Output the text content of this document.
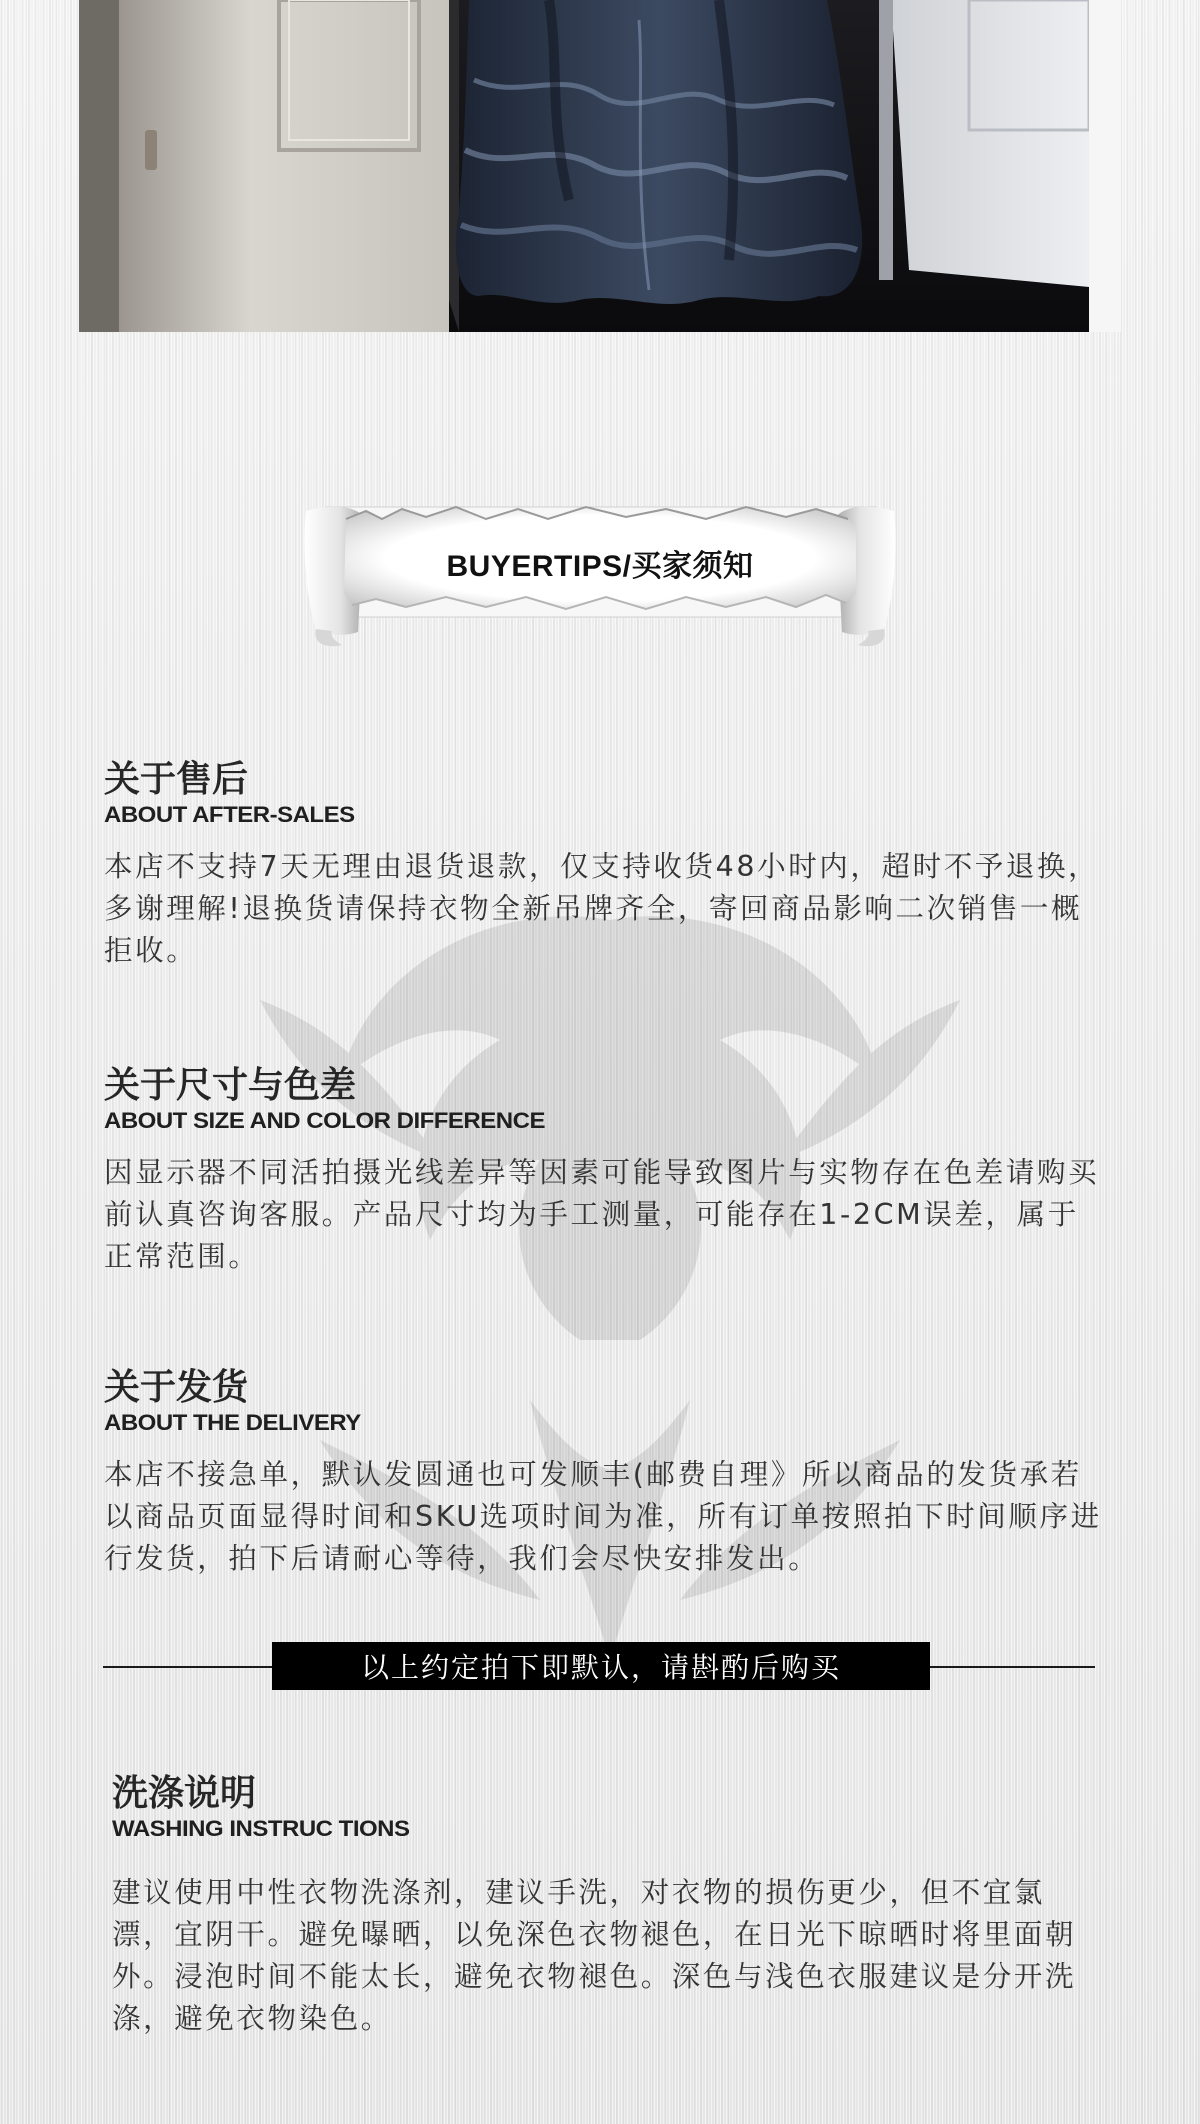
BUYERTIPS/买家须知
关于售后
ABOUT AFTER-SALES
本店不支持7天无理由退货退款，仅支持收货48小时内，超时不予退换，多谢理解!退换货请保持衣物全新吊牌齐全，寄回商品影响二次销售一概拒收。
关于尺寸与色差
ABOUT SIZE AND COLOR DIFFERENCE
因显示器不同活拍摄光线差异等因素可能导致图片与实物存在色差请购买前认真咨询客服。产品尺寸均为手工测量，可能存在1-2CM误差，属于正常范围。
关于发货
ABOUT THE DELIVERY
本店不接急单，默认发圆通也可发顺丰(邮费自理》所以商品的发货承若以商品页面显得时间和SKU选项时间为准，所有订单按照拍下时间顺序进行发货，拍下后请耐心等待，我们会尽快安排发出。
以上约定拍下即默认，请斟酌后购买
洗涤说明
WASHING INSTRUC TIONS
建议使用中性衣物洗涤剂，建议手洗，对衣物的损伤更少，但不宜氯漂，宜阴干。避免曝晒，以免深色衣物褪色，在日光下晾晒时将里面朝外。浸泡时间不能太长，避免衣物褪色。深色与浅色衣服建议是分开洗涤，避免衣物染色。
